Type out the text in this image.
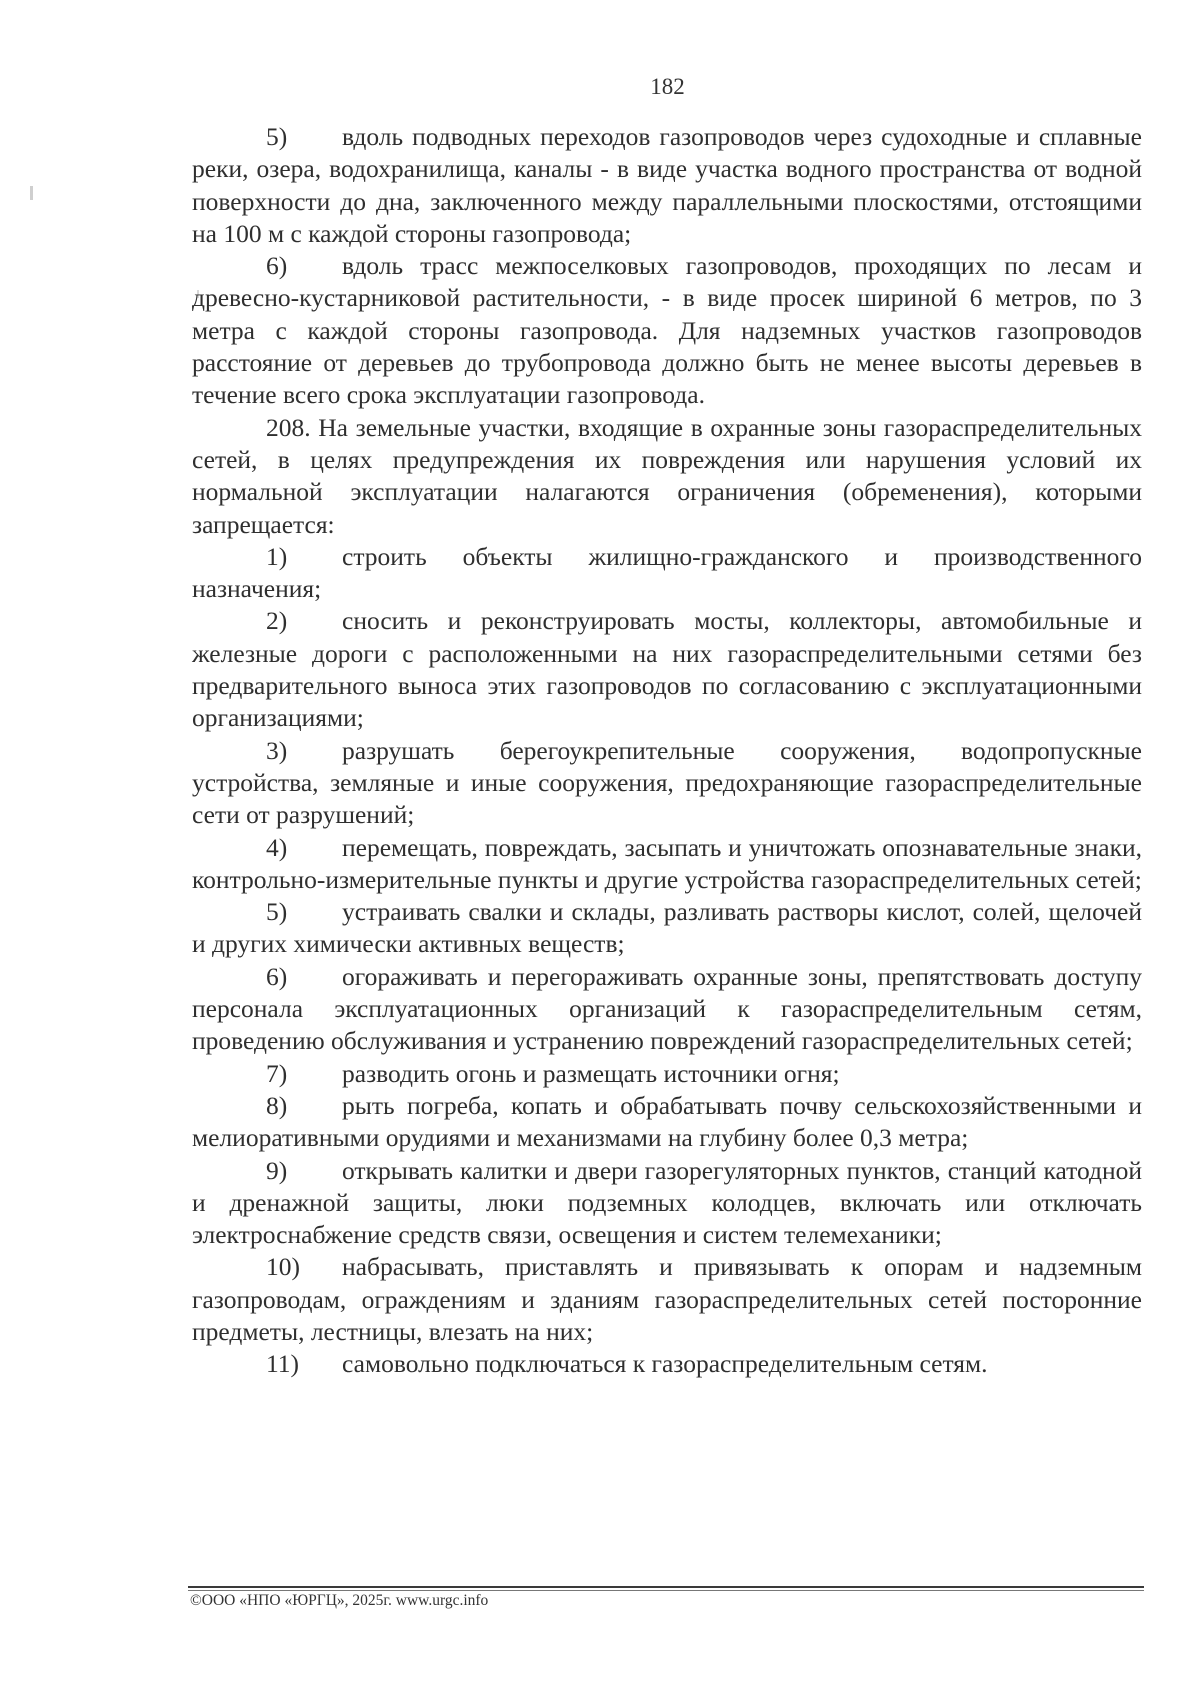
182

5) вдоль подводных переходов газопроводов через судоходные и сплавные реки, озера, водохранилища, каналы - в виде участка водного пространства от водной поверхности до дна, заключенного между параллельными плоскостями, отстоящими на 100 м с каждой стороны газопровода;

6) вдоль трасс межпоселковых газопроводов, проходящих по лесам и древесно-кустарниковой растительности, - в виде просек шириной 6 метров, по 3 метра с каждой стороны газопровода. Для надземных участков газопроводов расстояние от деревьев до трубопровода должно быть не менее высоты деревьев в течение всего срока эксплуатации газопровода.

208. На земельные участки, входящие в охранные зоны газораспределительных сетей, в целях предупреждения их повреждения или нарушения условий их нормальной эксплуатации налагаются ограничения (обременения), которыми запрещается:

1) строить объекты жилищно-гражданского и производственного назначения;

2) сносить и реконструировать мосты, коллекторы, автомобильные и железные дороги с расположенными на них газораспределительными сетями без предварительного выноса этих газопроводов по согласованию с эксплуатационными организациями;

3) разрушать берегоукрепительные сооружения, водопропускные устройства, земляные и иные сооружения, предохраняющие газораспределительные сети от разрушений;

4) перемещать, повреждать, засыпать и уничтожать опознавательные знаки, контрольно-измерительные пункты и другие устройства газораспределительных сетей;

5) устраивать свалки и склады, разливать растворы кислот, солей, щелочей и других химически активных веществ;

6) огораживать и перегораживать охранные зоны, препятствовать доступу персонала эксплуатационных организаций к газораспределительным сетям, проведению обслуживания и устранению повреждений газораспределительных сетей;

7) разводить огонь и размещать источники огня;

8) рыть погреба, копать и обрабатывать почву сельскохозяйственными и мелиоративными орудиями и механизмами на глубину более 0,3 метра;

9) открывать калитки и двери газорегуляторных пунктов, станций катодной и дренажной защиты, люки подземных колодцев, включать или отключать электроснабжение средств связи, освещения и систем телемеханики;

10) набрасывать, приставлять и привязывать к опорам и надземным газопроводам, ограждениям и зданиям газораспределительных сетей посторонние предметы, лестницы, влезать на них;

11) самовольно подключаться к газораспределительным сетям.

©ООО «НПО «ЮРГЦ», 2025г. www.urgc.info
